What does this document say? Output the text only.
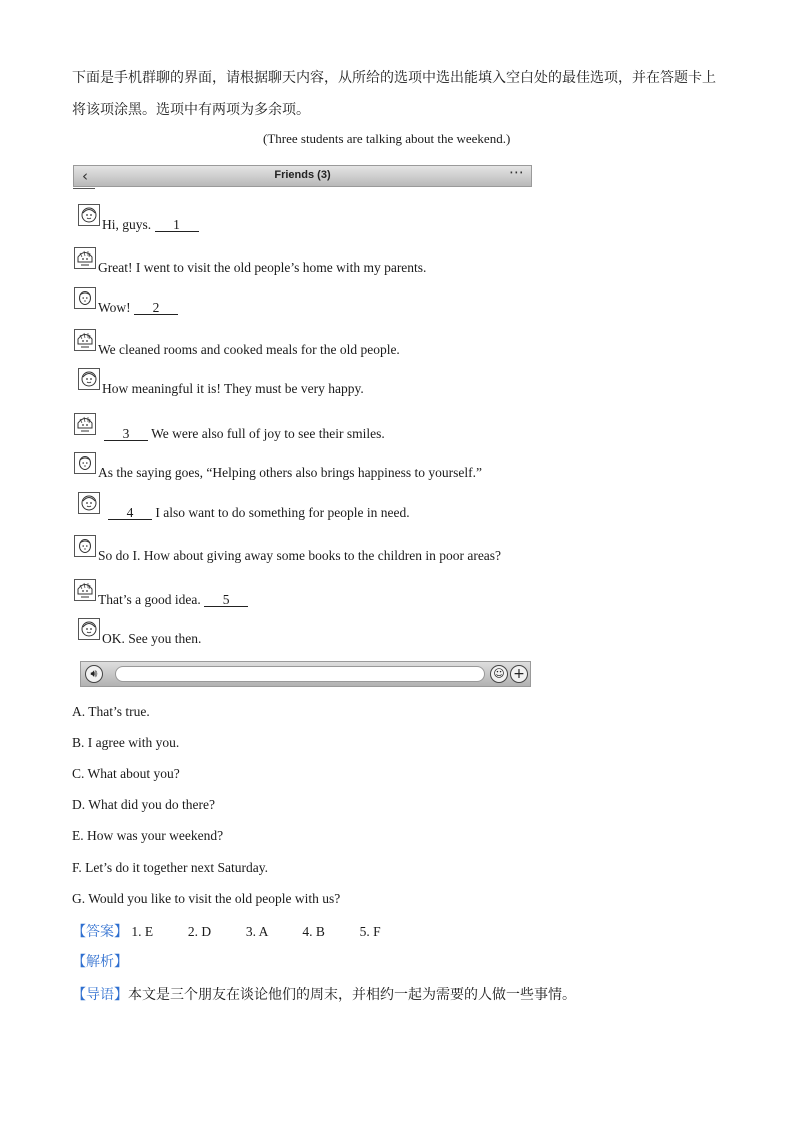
下面是手机群聊的界面，请根据聊天内容，从所给的选项中选出能填入空白处的最佳选项，并在答题卡上
将该项涂黑。选项中有两项为多余项。
(Three students are talking about the weekend.)
‹	Friends (3)	⋯
Hi, guys. 1
Great! I went to visit the old people’s home with my parents.
Wow! 2
We cleaned rooms and cooked meals for the old people.
How meaningful it is! They must be very happy.
3 We were also full of joy to see their smiles.
As the saying goes, “Helping others also brings happiness to yourself.”
4 I also want to do something for people in need.
So do I. How about giving away some books to the children in poor areas?
That’s a good idea. 5
OK. See you then.
🔊︎	☺ +
A. That’s true.
B. I agree with you.
C. What about you?
D. What did you do there?
E. How was your weekend?
F. Let’s do it together next Saturday.
G. Would you like to visit the old people with us?
【答案】 1. E	2. D	3. A	4. B	5. F
【解析】
【导语】本文是三个朋友在谈论他们的周末，并相约一起为需要的人做一些事情。
